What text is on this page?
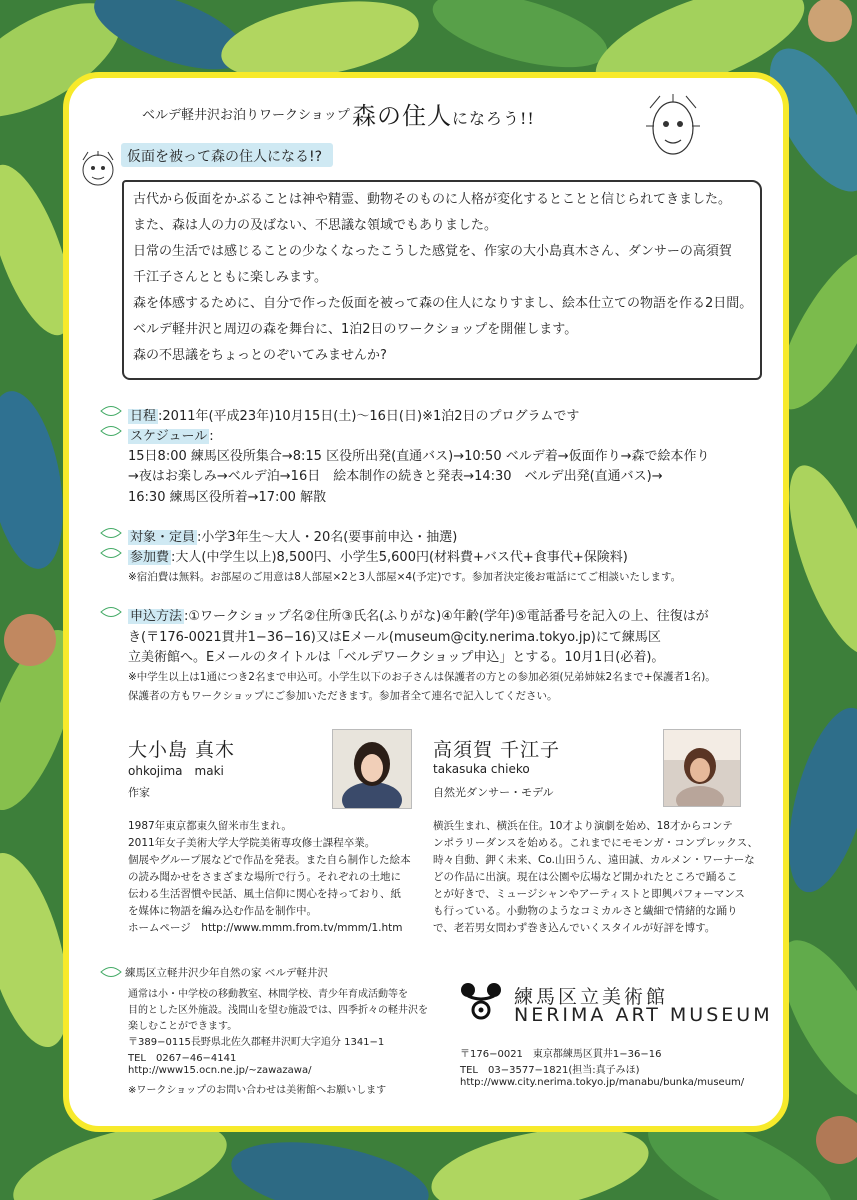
ベルデ軽井沢お泊りワークショップ 森の住人になろう!!
仮面を被って森の住人になる!?
古代から仮面をかぶることは神や精霊、動物そのものに人格が変化するとことと信じられてきました。
また、森は人の力の及ばない、不思議な領域でもありました。
日常の生活では感じることの少なくなったこうした感覚を、作家の大小島真木さん、ダンサーの高須賀
千江子さんとともに楽しみます。
森を体感するために、自分で作った仮面を被って森の住人になりすまし、絵本仕立ての物語を作る2日間。
ベルデ軽井沢と周辺の森を舞台に、1泊2日のワークショップを開催します。
森の不思議をちょっとのぞいてみませんか?
日程 :2011年(平成23年)10月15日(土)〜16日(日)※1泊2日のプログラムです
スケジュール :
15日8:00 練馬区役所集合→8:15 区役所出発(直通バス)→10:50 ベルデ着→仮面作り→森で絵本作り
→夜はお楽しみ→ベルデ泊→16日　絵本制作の続きと発表→14:30　ベルデ出発(直通バス)→
16:30 練馬区役所着→17:00 解散
対象・定員 :小学3年生〜大人・20名(要事前申込・抽選)
参加費 :大人(中学生以上)8,500円、小学生5,600円(材料費+バス代+食事代+保険料)
※宿泊費は無料。お部屋のご用意は8人部屋×2と3人部屋×4(予定)です。参加者決定後お電話にてご相談いたします。
申込方法 :①ワークショップ名②住所③氏名(ふりがな)④年齢(学年)⑤電話番号を記入の上、往復はが
き(〒176-0021貫井1−36−16)又はEメール(museum@city.nerima.tokyo.jp)にて練馬区
立美術館へ。Eメールのタイトルは「ベルデワークショップ申込」とする。10月1日(必着)。
※中学生以上は1通につき2名まで申込可。小学生以下のお子さんは保護者の方との参加必須(兄弟姉妹2名まで+保護者1名)。
保護者の方もワークショップにご参加いただきます。参加者全て連名で記入してください。
大小島 真木
ohkojima　maki
作家
1987年東京都東久留米市生まれ。
2011年女子美術大学大学院美術専攻修士課程卒業。
個展やグループ展などで作品を発表。また自ら制作した絵本
の読み聞かせをさまざまな場所で行う。それぞれの土地に
伝わる生活習慣や民話、風土信仰に関心を持っており、紙
を媒体に物語を編み込む作品を制作中。
ホームページ　http://www.mmm.from.tv/mmm/1.htm
高須賀 千江子
takasuka chieko
自然光ダンサー・モデル
横浜生まれ、横浜在住。10才より演劇を始め、18才からコンテ
ンポラリーダンスを始める。これまでにモモンガ・コンプレックス、
時々自動、鉀く未来、Co.山田うん、遠田誠、カルメン・ワーナーな
どの作品に出演。現在は公園や広場など開かれたところで踊るこ
とが好きで、ミュージシャンやアーティストと即興パフォーマンス
も行っている。小動物のようなコミカルさと繊細で情緒的な踊り
で、老若男女問わず巻き込んでいくスタイルが好評を博す。
練馬区立軽井沢少年自然の家 ベルデ軽井沢
通常は小・中学校の移動教室、林間学校、青少年育成活動等を
目的とした区外施設。浅間山を望む施設では、四季折々の軽井沢を
楽しむことができます。
〒389−0115長野県北佐久郡軽井沢町大字追分 1341−1
TEL　0267−46−4141
http://www15.ocn.ne.jp/~zawazawa/
※ワークショップのお問い合わせは美術館へお願いします
練馬区立美術館
NERIMA ART MUSEUM
〒176−0021　東京都練馬区貫井1−36−16
TEL　03−3577−1821(担当:真子みほ)
http://www.city.nerima.tokyo.jp/manabu/bunka/museum/
